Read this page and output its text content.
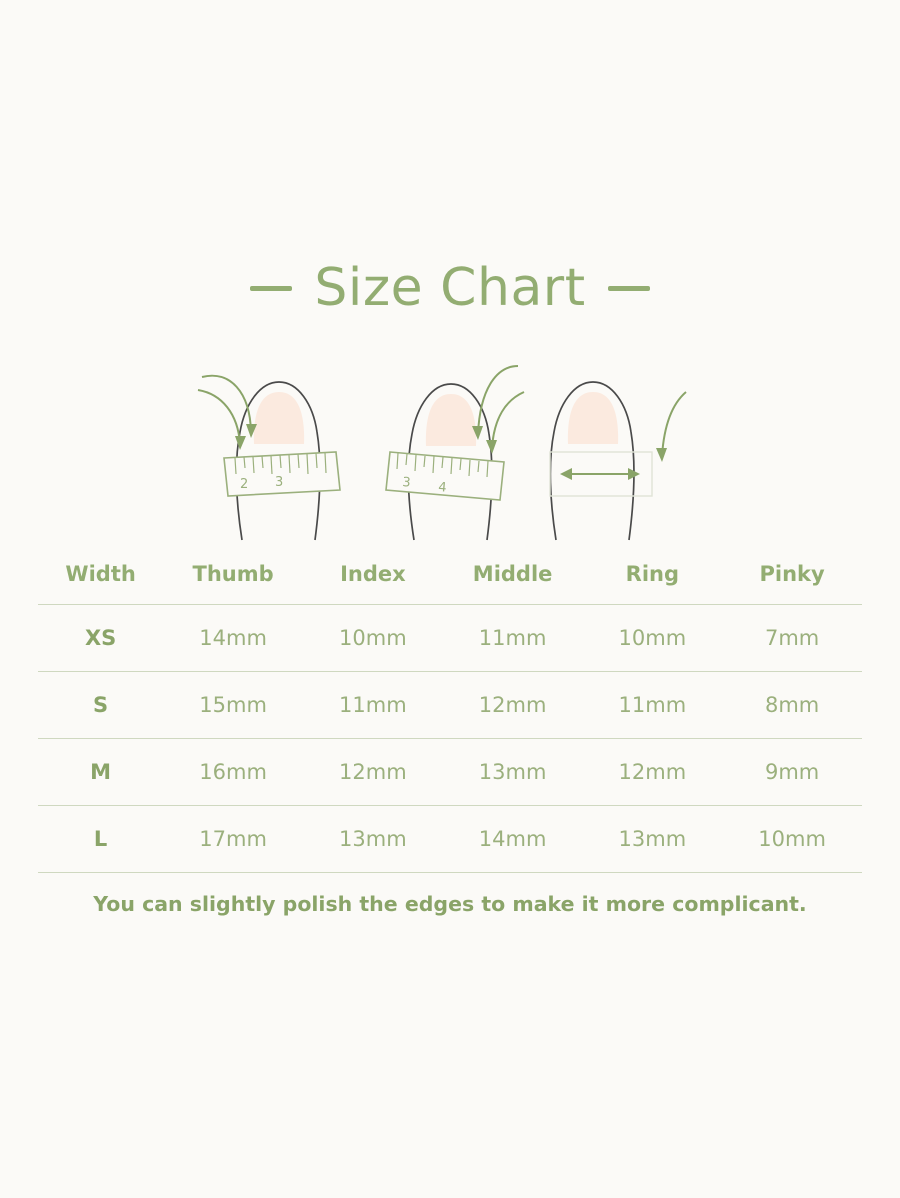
Size Chart
2 3	3 4
Width	Thumb	Index	Middle	Ring	Pinky
XS	14mm	10mm	11mm	10mm	7mm
S	15mm	11mm	12mm	11mm	8mm
M	16mm	12mm	13mm	12mm	9mm
L	17mm	13mm	14mm	13mm	10mm
You can slightly polish the edges to make it more complicant.
